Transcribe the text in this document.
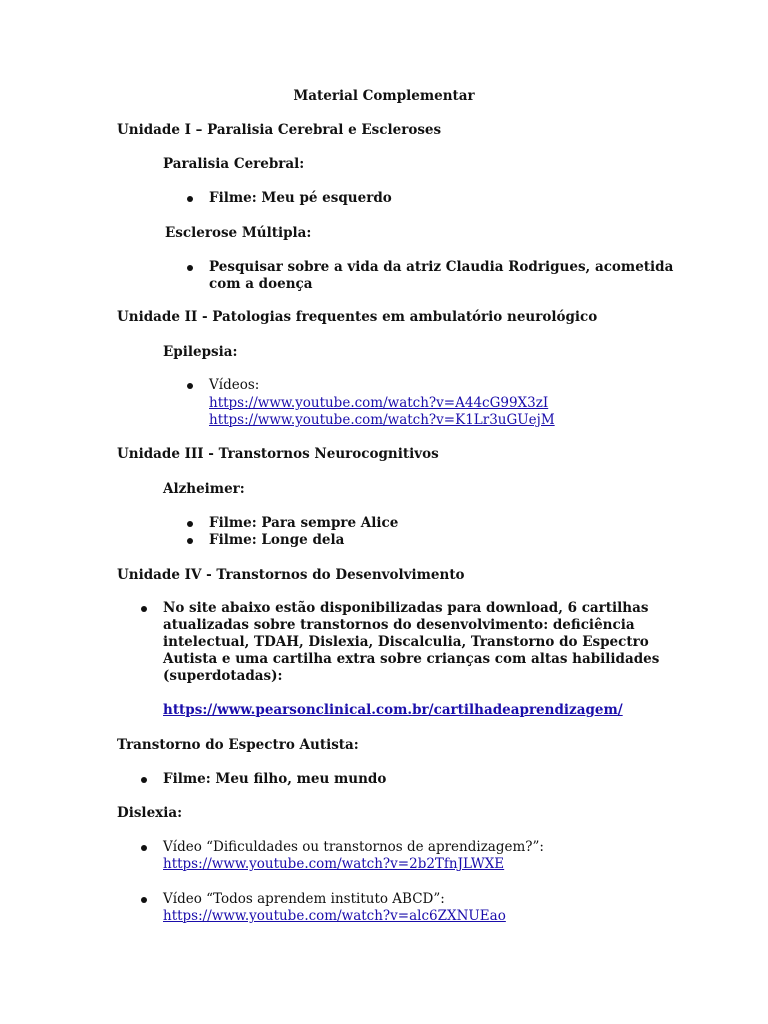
Material Complementar
Unidade I – Paralisia Cerebral e Escleroses
Paralisia Cerebral:
Filme: Meu pé esquerdo
Esclerose Múltipla:
Pesquisar sobre a vida da atriz Claudia Rodrigues, acometida
com a doença
Unidade II - Patologias frequentes em ambulatório neurológico
Epilepsia:
Vídeos:
https://www.youtube.com/watch?v=A44cG99X3zI
https://www.youtube.com/watch?v=K1Lr3uGUejM
Unidade III - Transtornos Neurocognitivos
Alzheimer:
Filme: Para sempre Alice
Filme: Longe dela
Unidade IV - Transtornos do Desenvolvimento
No site abaixo estão disponibilizadas para download, 6 cartilhas
atualizadas sobre transtornos do desenvolvimento: deficiência
intelectual, TDAH, Dislexia, Discalculia, Transtorno do Espectro
Autista e uma cartilha extra sobre crianças com altas habilidades
(superdotadas):
https://www.pearsonclinical.com.br/cartilhadeaprendizagem/
Transtorno do Espectro Autista:
Filme: Meu filho, meu mundo
Dislexia:
Vídeo “Dificuldades ou transtornos de aprendizagem?”:
https://www.youtube.com/watch?v=2b2TfnJLWXE
Vídeo “Todos aprendem instituto ABCD”:
https://www.youtube.com/watch?v=alc6ZXNUEao
